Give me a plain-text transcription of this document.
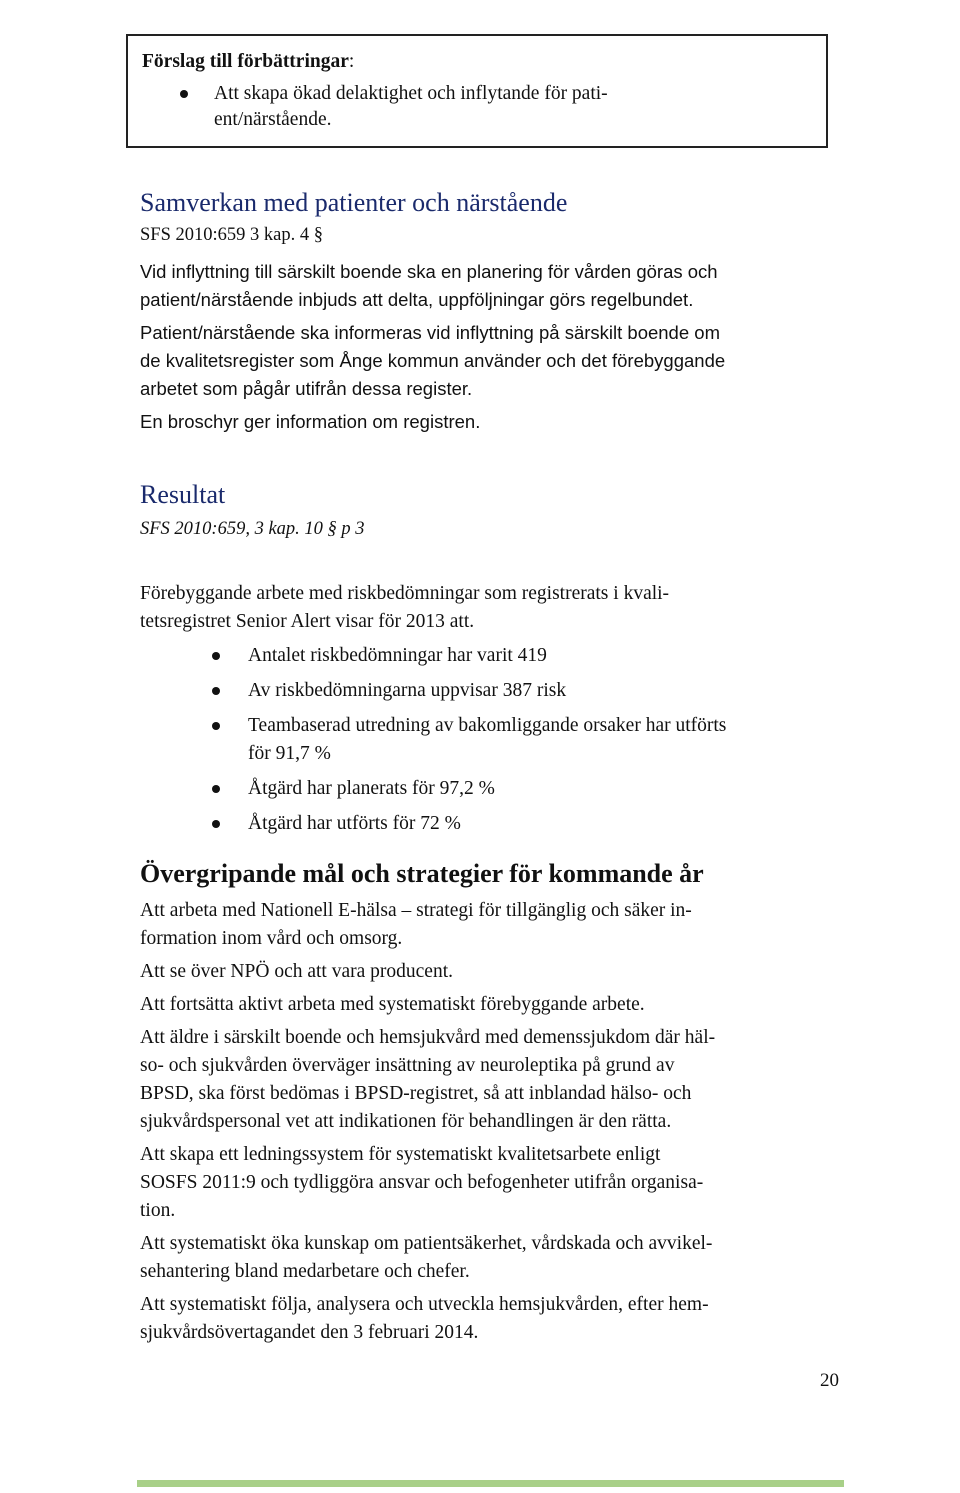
Förslag till förbättringar:
Att skapa ökad delaktighet och inflytande för pati-
ent/närstående.
Samverkan med patienter och närstående
SFS 2010:659 3 kap. 4 §

Vid inflyttning till särskilt boende ska en planering för vården göras och
patient/närstående inbjuds att delta, uppföljningar görs regelbundet.

Patient/närstående ska informeras vid inflyttning på särskilt boende om
de kvalitetsregister som Ånge kommun använder och det förebyggande
arbetet som pågår utifrån dessa register.

En broschyr ger information om registren.

Resultat
SFS 2010:659, 3 kap. 10 § p 3

Förebyggande arbete med riskbedömningar som registrerats i kvali-
tetsregistret Senior Alert visar för 2013 att.

Antalet riskbedömningar har varit 419
Av riskbedömningarna uppvisar 387 risk
Teambaserad utredning av bakomliggande orsaker har utförts
för 91,7 %
Åtgärd har planerats för 97,2 %
Åtgärd har utförts för 72 %
Övergripande mål och strategier för kommande år

Att arbeta med Nationell E-hälsa – strategi för tillgänglig och säker in-
formation inom vård och omsorg.

Att se över NPÖ och att vara producent.

Att fortsätta aktivt arbeta med systematiskt förebyggande arbete.

Att äldre i särskilt boende och hemsjukvård med demenssjukdom där häl-
so- och sjukvården överväger insättning av neuroleptika på grund av
BPSD, ska först bedömas i BPSD-registret, så att inblandad hälso- och
sjukvårdspersonal vet att indikationen för behandlingen är den rätta.

Att skapa ett ledningssystem för systematiskt kvalitetsarbete enligt
SOSFS 2011:9 och tydliggöra ansvar och befogenheter utifrån organisa-
tion.

Att systematiskt öka kunskap om patientsäkerhet, vårdskada och avvikel-
sehantering bland medarbetare och chefer.

Att systematiskt följa, analysera och utveckla hemsjukvården, efter hem-
sjukvårdsövertagandet den 3 februari 2014.

20
